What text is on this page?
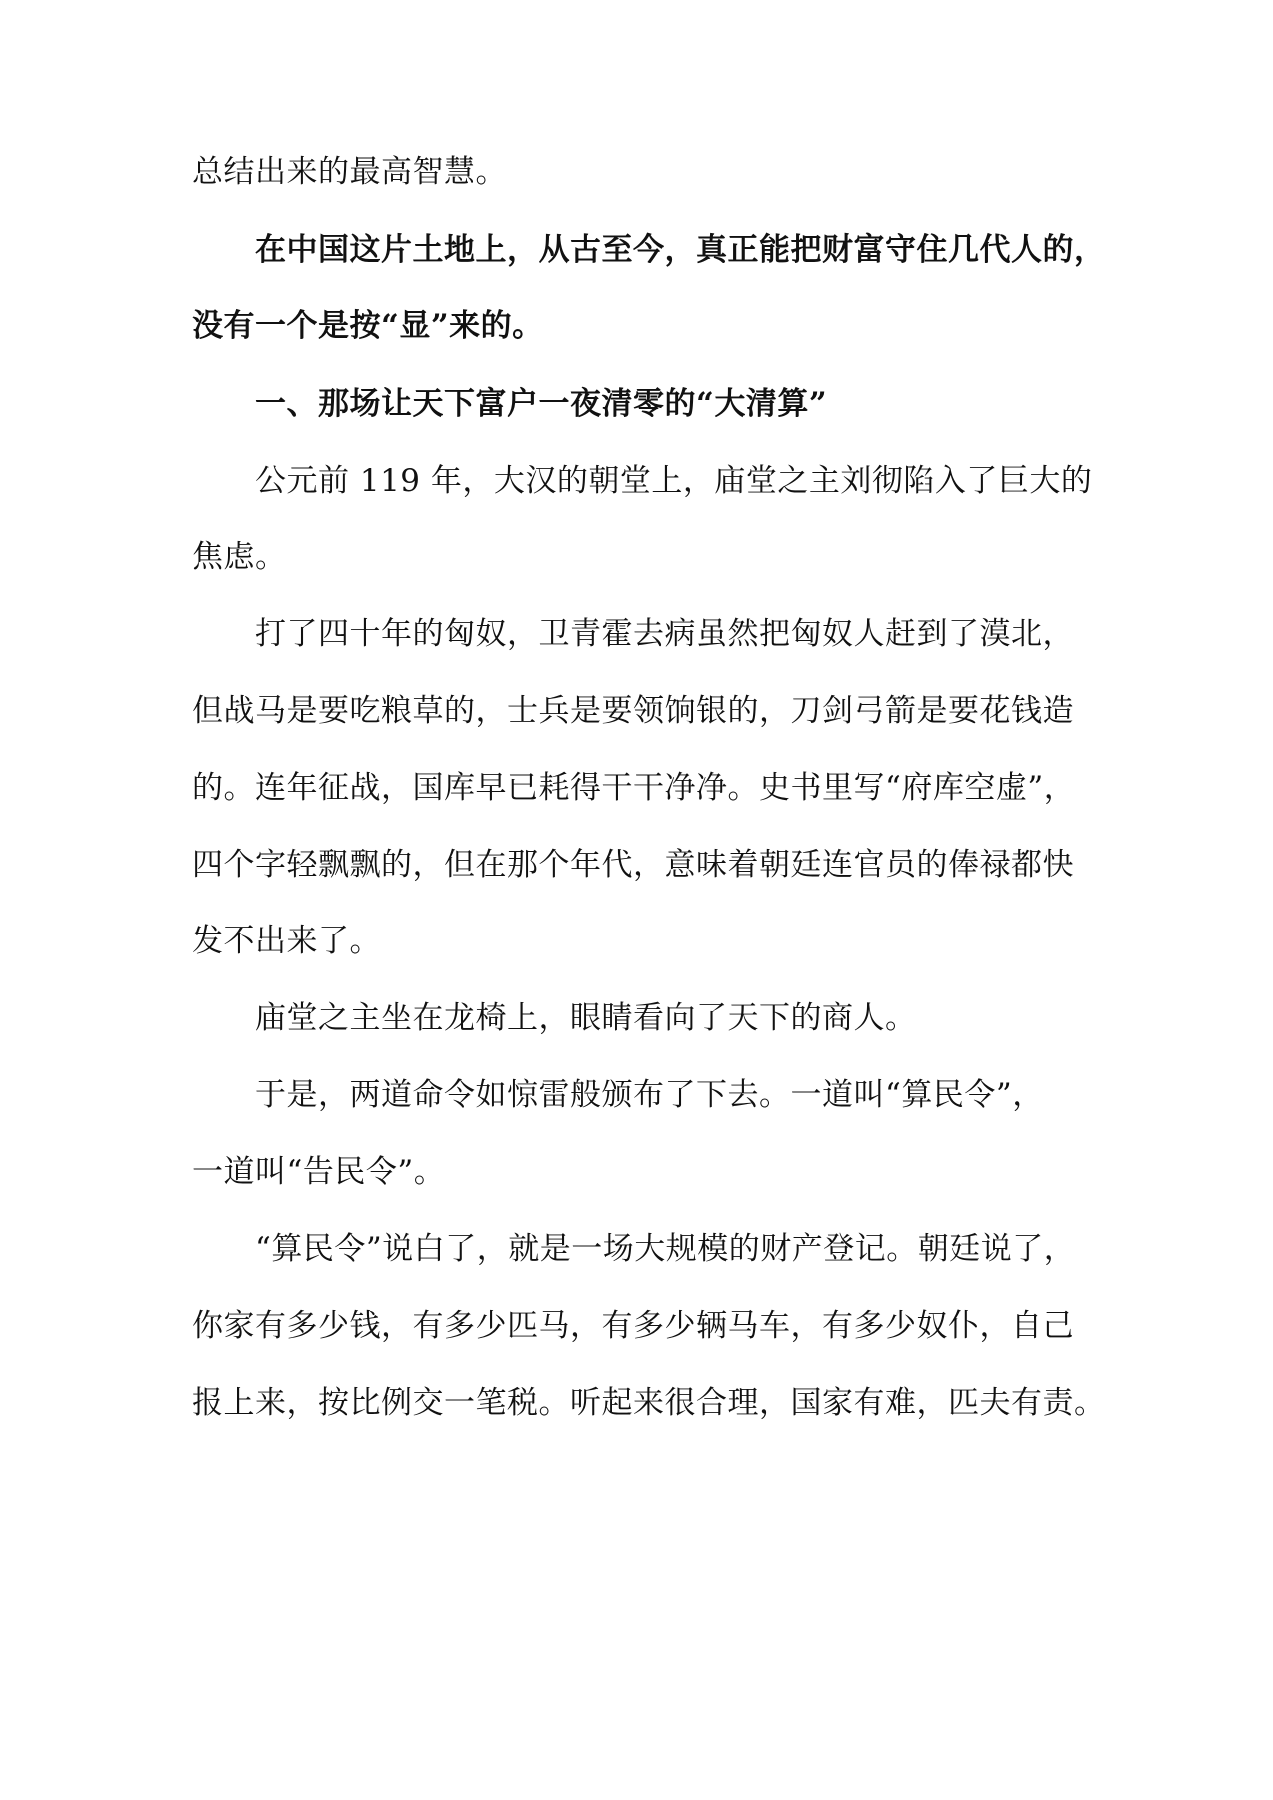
总结出来的最高智慧。
在中国这片土地上，从古至今，真正能把财富守住几代人的，
没有一个是按“显”来的。
一、那场让天下富户一夜清零的“大清算”
公元前 119 年，大汉的朝堂上，庙堂之主刘彻陷入了巨大的
焦虑。
打了四十年的匈奴，卫青霍去病虽然把匈奴人赶到了漠北，
但战马是要吃粮草的，士兵是要领饷银的，刀剑弓箭是要花钱造
的。连年征战，国库早已耗得干干净净。史书里写“府库空虚”，
四个字轻飘飘的，但在那个年代，意味着朝廷连官员的俸禄都快
发不出来了。
庙堂之主坐在龙椅上，眼睛看向了天下的商人。
于是，两道命令如惊雷般颁布了下去。一道叫“算民令”，
一道叫“告民令”。
“算民令”说白了，就是一场大规模的财产登记。朝廷说了，
你家有多少钱，有多少匹马，有多少辆马车，有多少奴仆，自己
报上来，按比例交一笔税。听起来很合理，国家有难，匹夫有责。
